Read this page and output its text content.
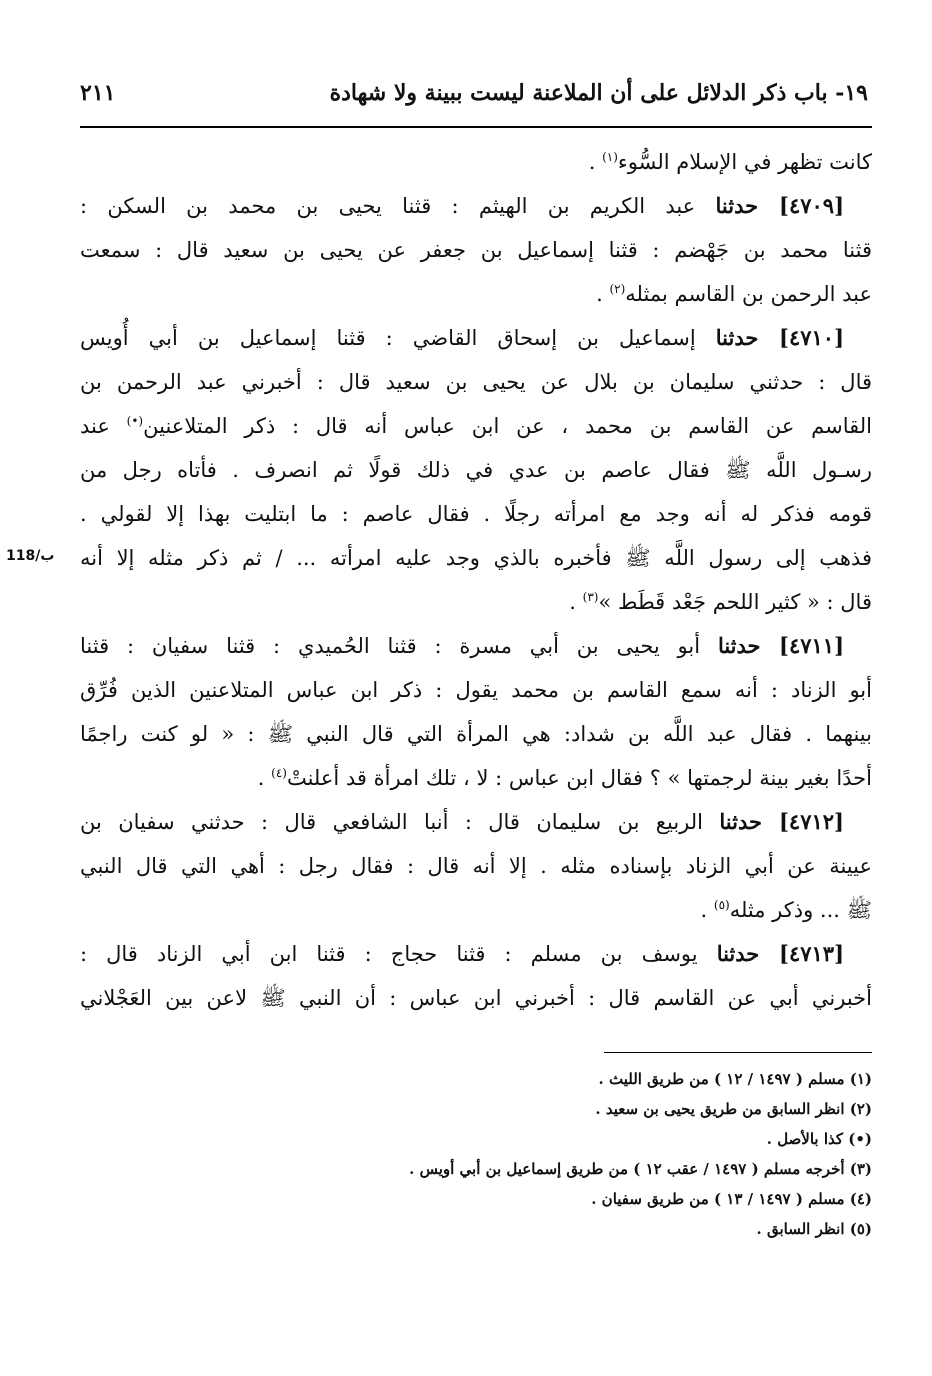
١٩- باب ذكر الدلائل على أن الملاعنة ليست ببينة ولا شهادة
٢١١
كانت تظهر في الإسلام السُّوء$^{(١)}$ .
[٤٧٠٩] حدثنا عبد الكريم بن الهيثم : قثنا يحيى بن محمد بن السكن :
قثنا محمد بن جَهْضم : قثنا إسماعيل بن جعفر عن يحيى بن سعيد قال : سمعت
عبد الرحمن بن القاسم بمثله$^{(٢)}$ .
[٤٧١٠] حدثنا إسماعيل بن إسحاق القاضي : قثنا إسماعيل بن أبي أُويس
قال : حدثني سليمان بن بلال عن يحيى بن سعيد قال : أخبرني عبد الرحمن بن
القاسم عن القاسم بن محمد ، عن ابن عباس أنه قال : ذكر المتلاعنين(•) عند
رسـول اللَّه ﷺ فقال عاصم بن عدي في ذلك قولًا ثم انصرف . فأتاه رجل من
قومه فذكر له أنه وجد مع امرأته رجلًا . فقال عاصم : ما ابتليت بهذا إلا لقولي .
فذهب إلى رسول اللَّه ﷺ فأخبره بالذي وجد عليه امرأته ... / ثم ذكر مثله إلا أنه
قال : « كثير اللحم جَعْد قَطَط »$^{(٣)}$ .
[٤٧١١] حدثنا أبو يحيى بن أبي مسرة : قثنا الحُميدي : قثنا سفيان : قثنا
أبو الزناد : أنه سمع القاسم بن محمد يقول : ذكر ابن عباس المتلاعنين الذين فُرِّق
بينهما . فقال عبد اللَّه بن شداد: هي المرأة التي قال النبي ﷺ : « لو كنت راجمًا
أحدًا بغير بينة لرجمتها » ؟ فقال ابن عباس : لا ، تلك امرأة قد أعلنتْ$^{(٤)}$ .
[٤٧١٢] حدثنا الربيع بن سليمان قال : أنبا الشافعي قال : حدثني سفيان بن
عيينة عن أبي الزناد بإسناده مثله . إلا أنه قال : فقال رجل : أهي التي قال النبي
ﷺ ... وذكر مثله$^{(٥)}$ .
[٤٧١٣] حدثنا يوسف بن مسلم : قثنا حجاج : قثنا ابن أبي الزناد قال :
أخبرني أبي عن القاسم قال : أخبرني ابن عباس : أن النبي ﷺ لاعن بين العَجْلاني
118/ب
(١) مسلم ( ١٤٩٧ / ١٢ ) من طريق الليث .
(٢) انظر السابق من طريق يحيى بن سعيد .
(•) كذا بالأصل .
(٣) أخرجه مسلم ( ١٤٩٧ / عقب ١٢ ) من طريق إسماعيل بن أبي أويس .
(٤) مسلم ( ١٤٩٧ / ١٣ ) من طريق سفيان .
(٥) انظر السابق .
